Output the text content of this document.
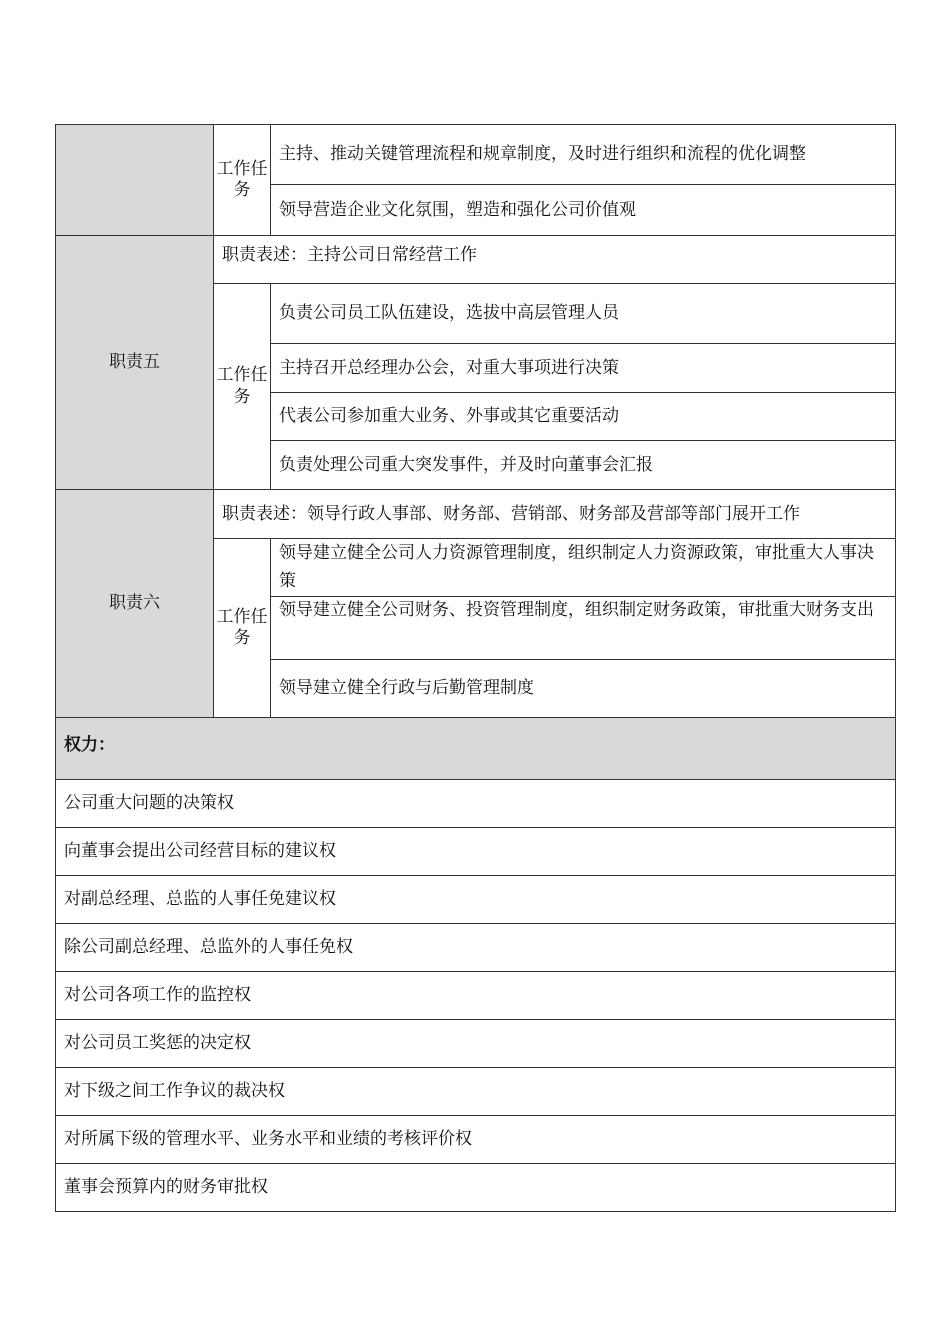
	工作任务	主持、推动关键管理流程和规章制度，及时进行组织和流程的优化调整
		领导营造企业文化氛围，塑造和强化公司价值观
职责五	职责表述：主持公司日常经营工作	
	工作任务	负责公司员工队伍建设，选拔中高层管理人员
		主持召开总经理办公会，对重大事项进行决策
		代表公司参加重大业务、外事或其它重要活动
		负责处理公司重大突发事件，并及时向董事会汇报
职责六	职责表述：领导行政人事部、财务部、营销部、财务部及营部等部门展开工作	
	工作任务	领导建立健全公司人力资源管理制度，组织制定人力资源政策，审批重大人事决策
		领导建立健全公司财务、投资管理制度，组织制定财务政策，审批重大财务支出
		领导建立健全行政与后勤管理制度
权力：		
公司重大问题的决策权		
向董事会提出公司经营目标的建议权		
对副总经理、总监的人事任免建议权		
除公司副总经理、总监外的人事任免权		
对公司各项工作的监控权		
对公司员工奖惩的决定权		
对下级之间工作争议的裁决权		
对所属下级的管理水平、业务水平和业绩的考核评价权		
董事会预算内的财务审批权		
